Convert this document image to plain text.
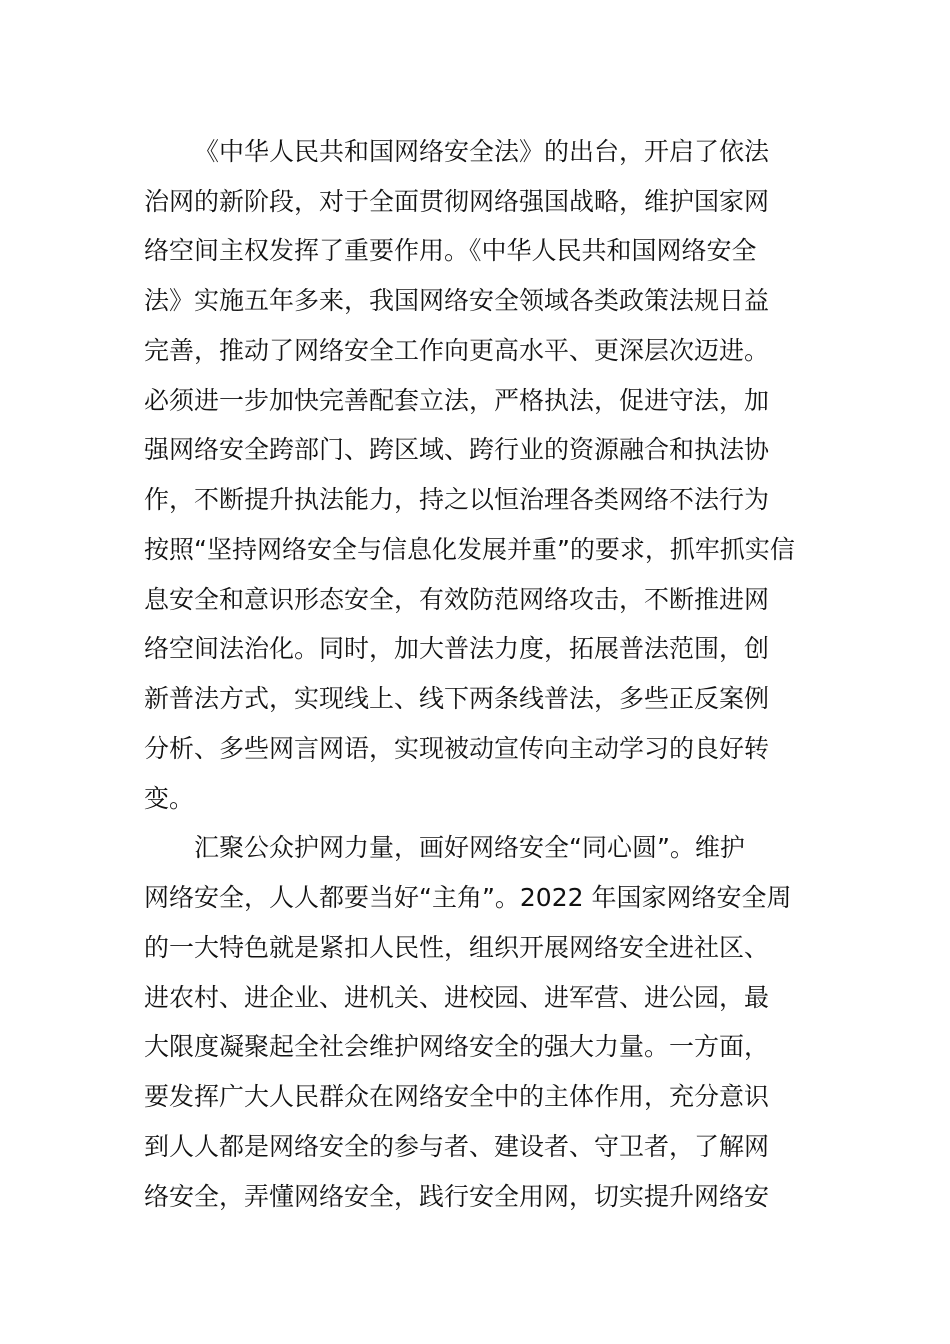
《中华人民共和国网络安全法》的出台，开启了依法
治网的新阶段，对于全面贯彻网络强国战略，维护国家网
络空间主权发挥了重要作用。《中华人民共和国网络安全
法》实施五年多来，我国网络安全领域各类政策法规日益
完善，推动了网络安全工作向更高水平、更深层次迈进。
必须进一步加快完善配套立法，严格执法，促进守法，加
强网络安全跨部门、跨区域、跨行业的资源融合和执法协
作，不断提升执法能力，持之以恒治理各类网络不法行为
按照“坚持网络安全与信息化发展并重”的要求，抓牢抓实信
息安全和意识形态安全，有效防范网络攻击，不断推进网
络空间法治化。同时，加大普法力度，拓展普法范围，创
新普法方式，实现线上、线下两条线普法，多些正反案例
分析、多些网言网语，实现被动宣传向主动学习的良好转
变。
汇聚公众护网力量，画好网络安全“同心圆”。维护
网络安全，人人都要当好“主角”。2022 年国家网络安全周
的一大特色就是紧扣人民性，组织开展网络安全进社区、
进农村、进企业、进机关、进校园、进军营、进公园，最
大限度凝聚起全社会维护网络安全的强大力量。一方面，
要发挥广大人民群众在网络安全中的主体作用，充分意识
到人人都是网络安全的参与者、建设者、守卫者，了解网
络安全，弄懂网络安全，践行安全用网，切实提升网络安
